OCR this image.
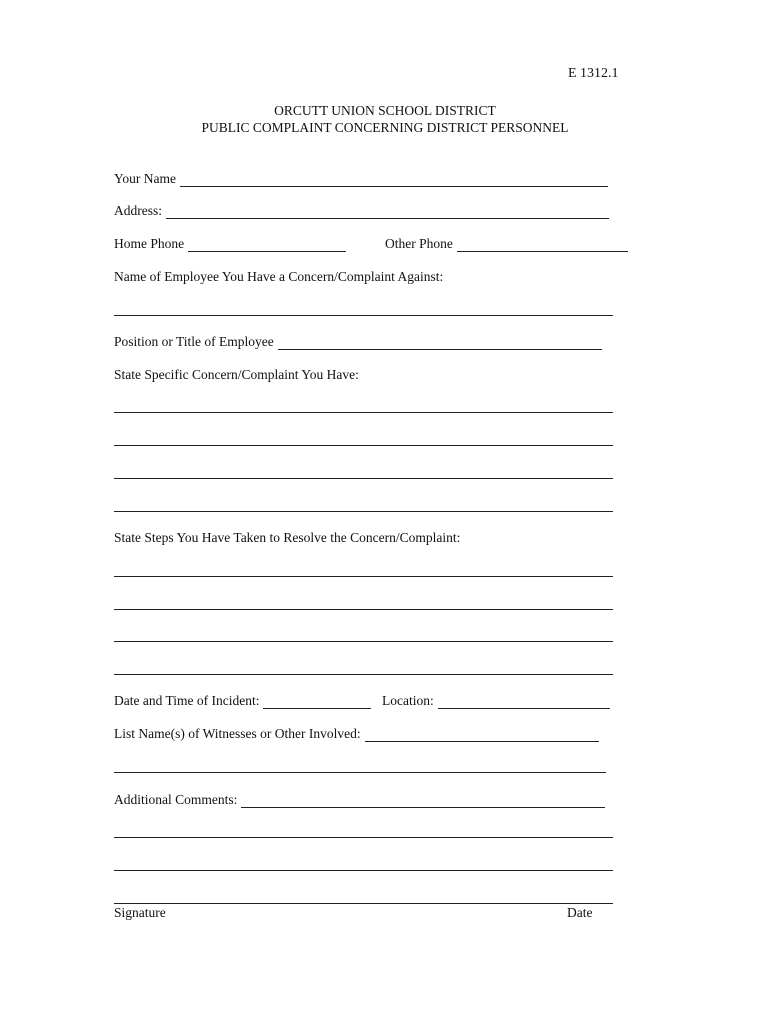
E 1312.1
ORCUTT UNION SCHOOL DISTRICT
PUBLIC COMPLAINT CONCERNING DISTRICT PERSONNEL
Your Name
Address:
Home Phone	Other Phone
Name of Employee You Have a Concern/Complaint Against:
Position or Title of Employee
State Specific Concern/Complaint You Have:
State Steps You Have Taken to Resolve the Concern/Complaint:
Date and Time of Incident:	Location:
List Name(s) of Witnesses or Other Involved:
Additional Comments:
Signature	Date
